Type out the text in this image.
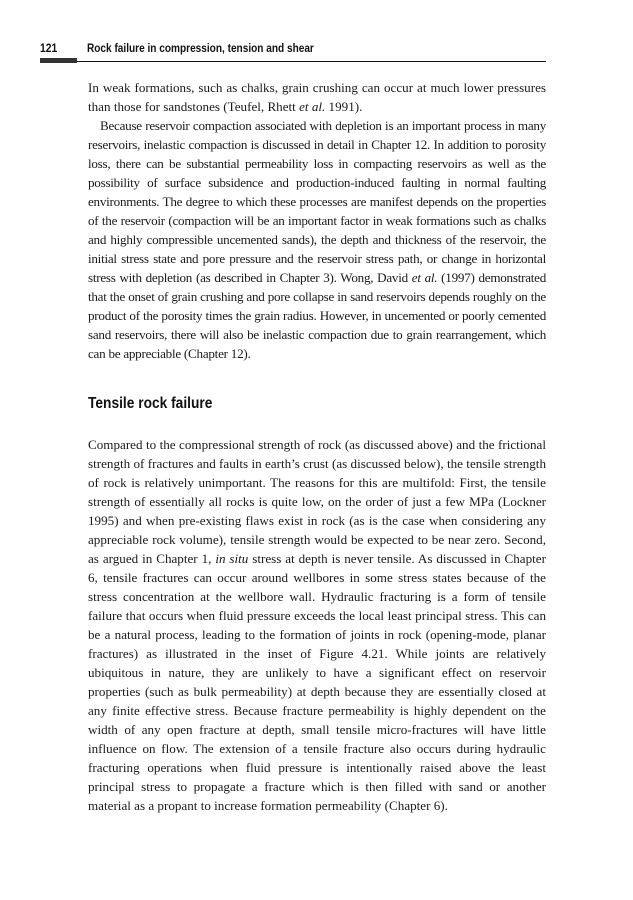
121 Rock failure in compression, tension and shear

In weak formations, such as chalks, grain crushing can occur at much lower pressures than those for sandstones (Teufel, Rhett et al. 1991).

Because reservoir compaction associated with depletion is an important process in many reservoirs, inelastic compaction is discussed in detail in Chapter 12. In addition to porosity loss, there can be substantial permeability loss in compacting reservoirs as well as the possibility of surface subsidence and production-induced faulting in normal faulting environments. The degree to which these processes are manifest depends on the properties of the reservoir (compaction will be an important factor in weak formations such as chalks and highly compressible uncemented sands), the depth and thickness of the reservoir, the initial stress state and pore pressure and the reservoir stress path, or change in horizontal stress with depletion (as described in Chapter 3). Wong, David et al. (1997) demonstrated that the onset of grain crushing and pore collapse in sand reservoirs depends roughly on the product of the porosity times the grain radius. However, in uncemented or poorly cemented sand reservoirs, there will also be inelastic compaction due to grain rearrangement, which can be appreciable (Chapter 12).

Tensile rock failure

Compared to the compressional strength of rock (as discussed above) and the frictional strength of fractures and faults in earth’s crust (as discussed below), the tensile strength of rock is relatively unimportant. The reasons for this are multifold: First, the tensile strength of essentially all rocks is quite low, on the order of just a few MPa (Lockner 1995) and when pre-existing flaws exist in rock (as is the case when considering any appreciable rock volume), tensile strength would be expected to be near zero. Second, as argued in Chapter 1, in situ stress at depth is never tensile. As discussed in Chapter 6, tensile fractures can occur around wellbores in some stress states because of the stress concentration at the wellbore wall. Hydraulic fracturing is a form of tensile failure that occurs when fluid pressure exceeds the local least principal stress. This can be a natural process, leading to the formation of joints in rock (opening-mode, planar fractures) as illustrated in the inset of Figure 4.21. While joints are relatively ubiquitous in nature, they are unlikely to have a significant effect on reservoir properties (such as bulk permeability) at depth because they are essentially closed at any finite effective stress. Because fracture permeability is highly dependent on the width of any open fracture at depth, small tensile micro-fractures will have little influence on flow. The extension of a tensile fracture also occurs during hydraulic fracturing operations when fluid pressure is intentionally raised above the least principal stress to propagate a fracture which is then filled with sand or another material as a propant to increase formation permeability (Chapter 6).
